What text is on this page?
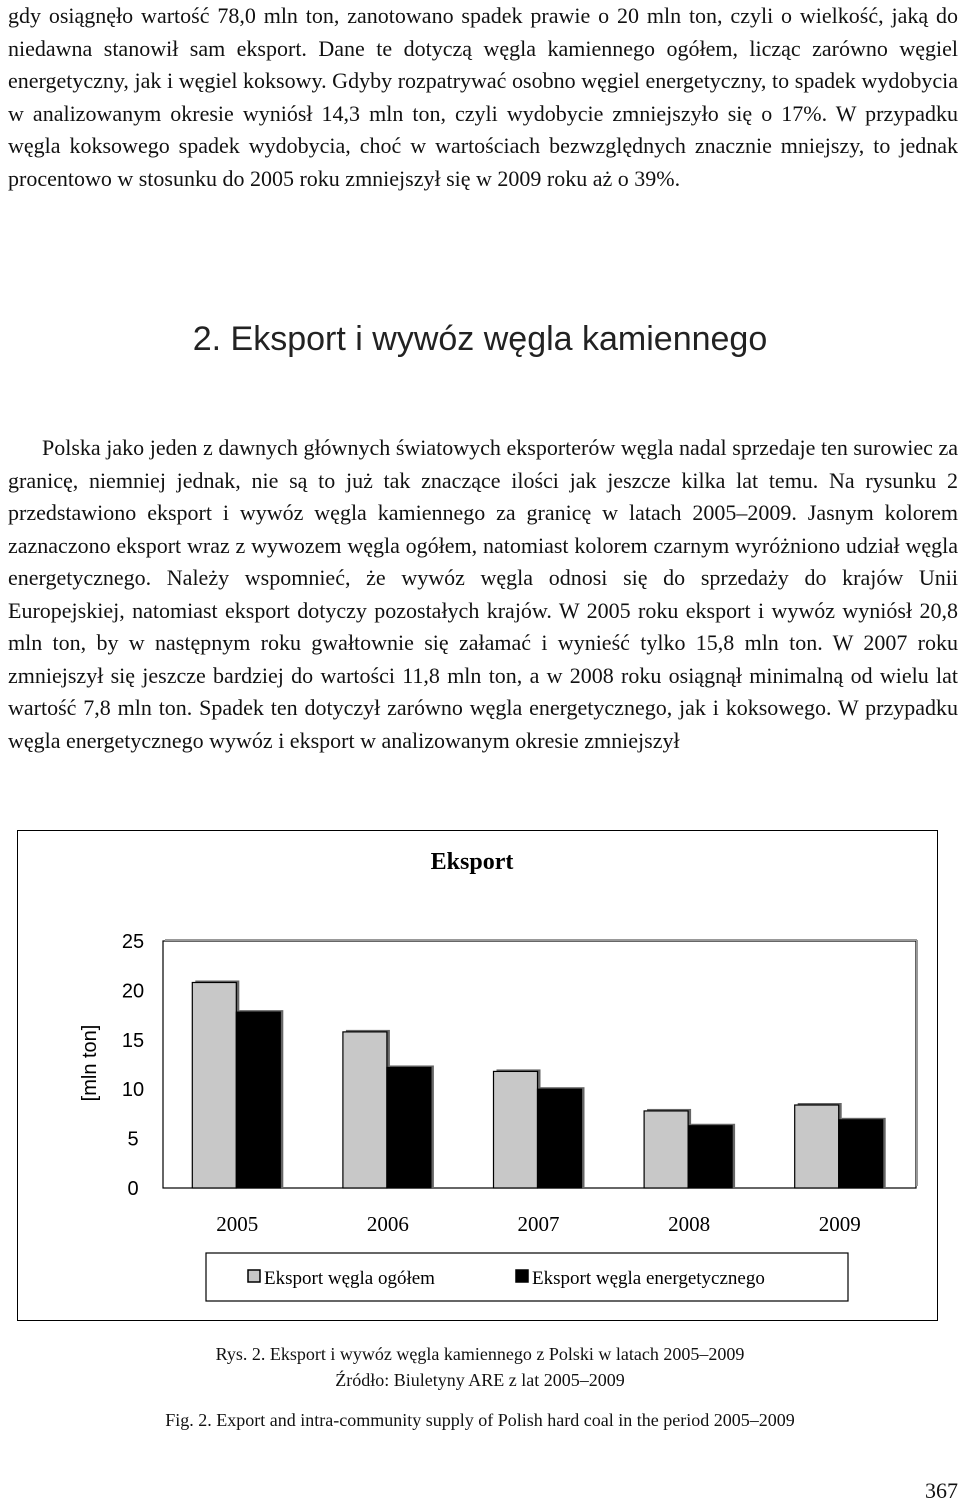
gdy osiągnęło wartość 78,0 mln ton, zanotowano spadek prawie o 20 mln ton, czyli o wielkość, jaką do niedawna stanowił sam eksport. Dane te dotyczą węgla kamiennego ogółem, licząc zarówno węgiel energetyczny, jak i węgiel koksowy. Gdyby rozpatrywać osobno węgiel energetyczny, to spadek wydobycia w analizowanym okresie wyniósł 14,3 mln ton, czyli wydobycie zmniejszyło się o 17%. W przypadku węgla koksowego spadek wydobycia, choć w wartościach bezwzględnych znacznie mniejszy, to jednak procentowo w stosunku do 2005 roku zmniejszył się w 2009 roku aż o 39%.

2. Eksport i wywóz węgla kamiennego

Polska jako jeden z dawnych głównych światowych eksporterów węgla nadal sprzedaje ten surowiec za granicę, niemniej jednak, nie są to już tak znaczące ilości jak jeszcze kilka lat temu. Na rysunku 2 przedstawiono eksport i wywóz węgla kamiennego za granicę w latach 2005–2009. Jasnym kolorem zaznaczono eksport wraz z wywozem węgla ogółem, natomiast kolorem czarnym wyróżniono udział węgla energetycznego. Należy wspomnieć, że wywóz węgla odnosi się do sprzedaży do krajów Unii Europejskiej, natomiast eksport dotyczy pozostałych krajów. W 2005 roku eksport i wywóz wyniósł 20,8 mln ton, by w następnym roku gwałtownie się załamać i wynieść tylko 15,8 mln ton. W 2007 roku zmniejszył się jeszcze bardziej do wartości 11,8 mln ton, a w 2008 roku osiągnął minimalną od wielu lat wartość 7,8 mln ton. Spadek ten dotyczył zarówno węgla energetycznego, jak i koksowego. W przypadku węgla energetycznego wywóz i eksport w analizowanym okresie zmniejszył

Eksport
[mln ton]
0
5
10
15
20
25
2005	2006	2007	2008	2009
Eksport węgla ogółem	Eksport węgla energetycznego

Rys. 2. Eksport i wywóz węgla kamiennego z Polski w latach 2005–2009

Źródło: Biuletyny ARE z lat 2005–2009

Fig. 2. Export and intra-community supply of Polish hard coal in the period 2005–2009

367
